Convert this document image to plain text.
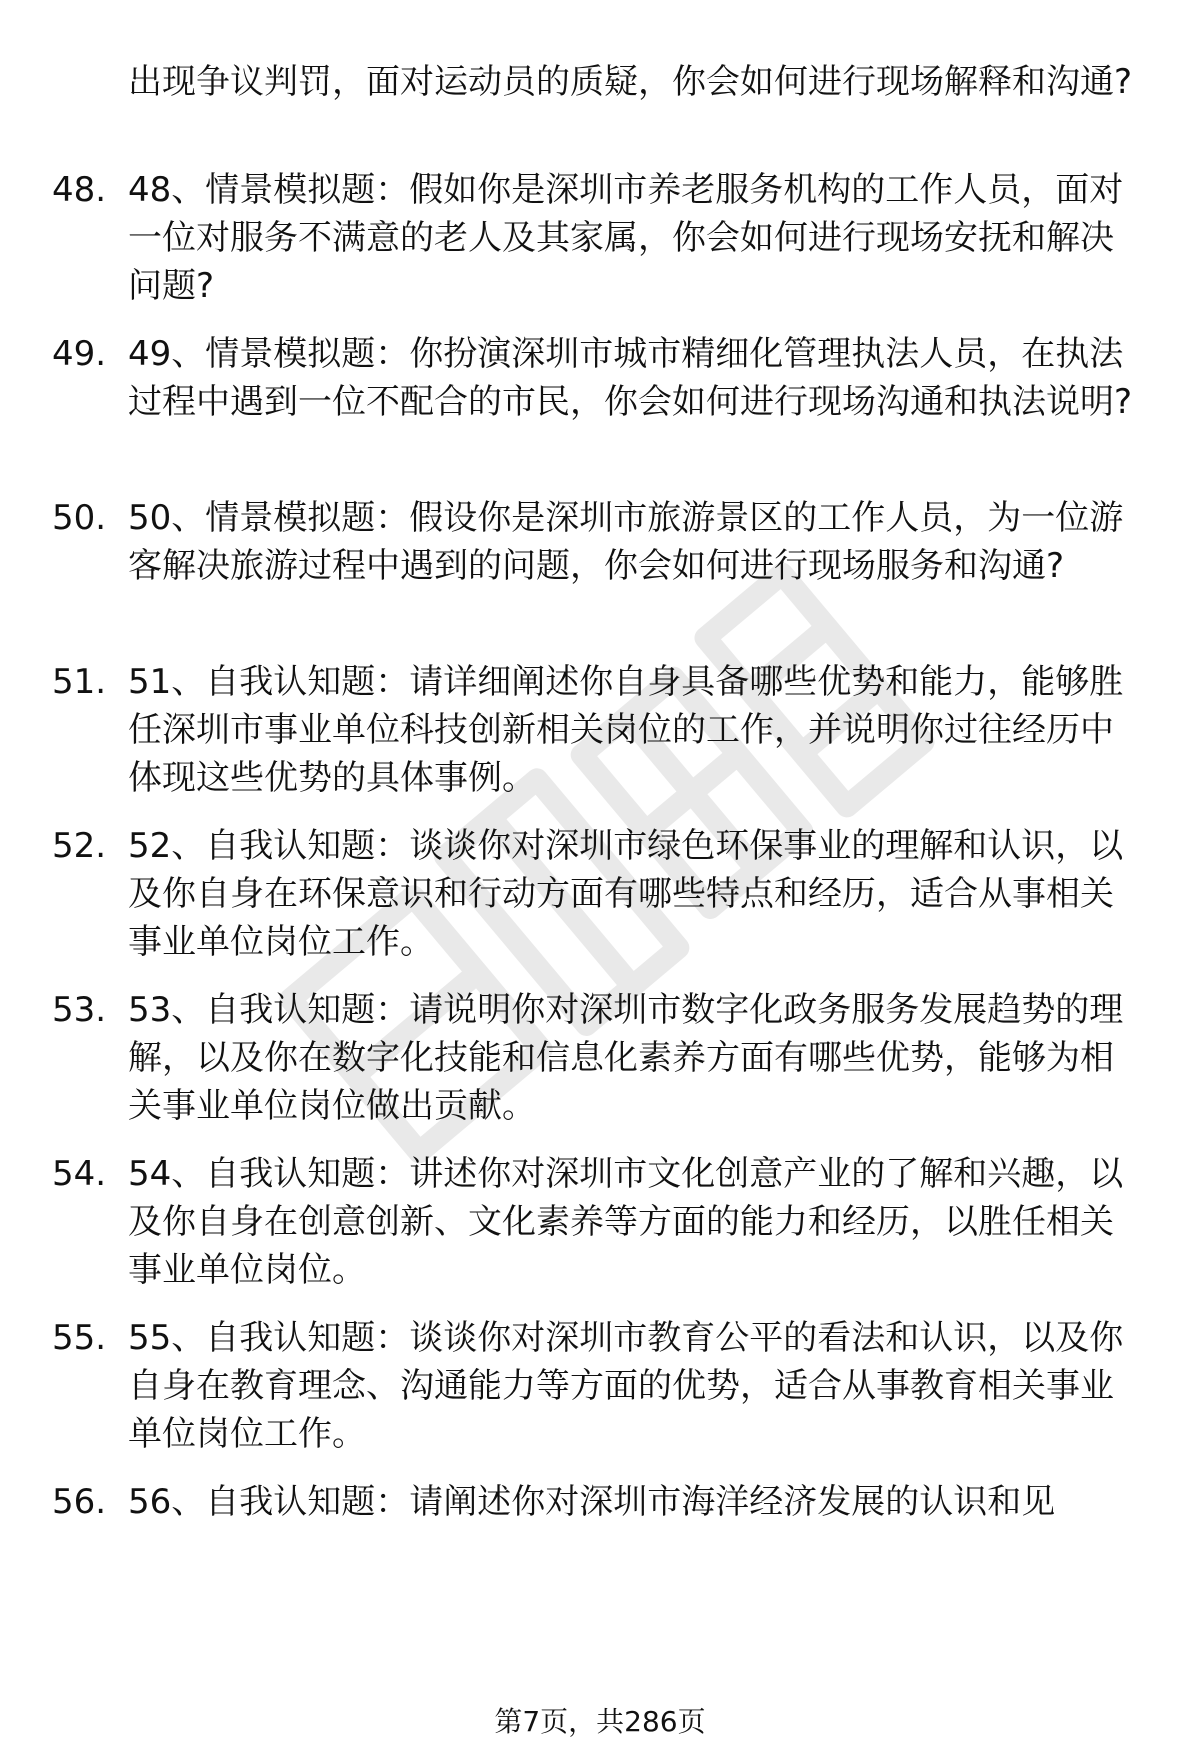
出现争议判罚，面对运动员的质疑，你会如何进行现场解释和沟通?
48. 48、情景模拟题：假如你是深圳市养老服务机构的工作人员，面对一位对服务不满意的老人及其家属，你会如何进行现场安抚和解决问题?
49. 49、情景模拟题：你扮演深圳市城市精细化管理执法人员，在执法过程中遇到一位不配合的市民，你会如何进行现场沟通和执法说明?
50. 50、情景模拟题：假设你是深圳市旅游景区的工作人员，为一位游客解决旅游过程中遇到的问题，你会如何进行现场服务和沟通?
51. 51、自我认知题：请详细阐述你自身具备哪些优势和能力，能够胜任深圳市事业单位科技创新相关岗位的工作，并说明你过往经历中体现这些优势的具体事例。
52. 52、自我认知题：谈谈你对深圳市绿色环保事业的理解和认识，以及你自身在环保意识和行动方面有哪些特点和经历，适合从事相关事业单位岗位工作。
53. 53、自我认知题：请说明你对深圳市数字化政务服务发展趋势的理解，以及你在数字化技能和信息化素养方面有哪些优势，能够为相关事业单位岗位做出贡献。
54. 54、自我认知题：讲述你对深圳市文化创意产业的了解和兴趣，以及你自身在创意创新、文化素养等方面的能力和经历，以胜任相关事业单位岗位。
55. 55、自我认知题：谈谈你对深圳市教育公平的看法和认识，以及你自身在教育理念、沟通能力等方面的优势，适合从事教育相关事业单位岗位工作。
56. 56、自我认知题：请阐述你对深圳市海洋经济发展的认识和见
第7页，共286页
